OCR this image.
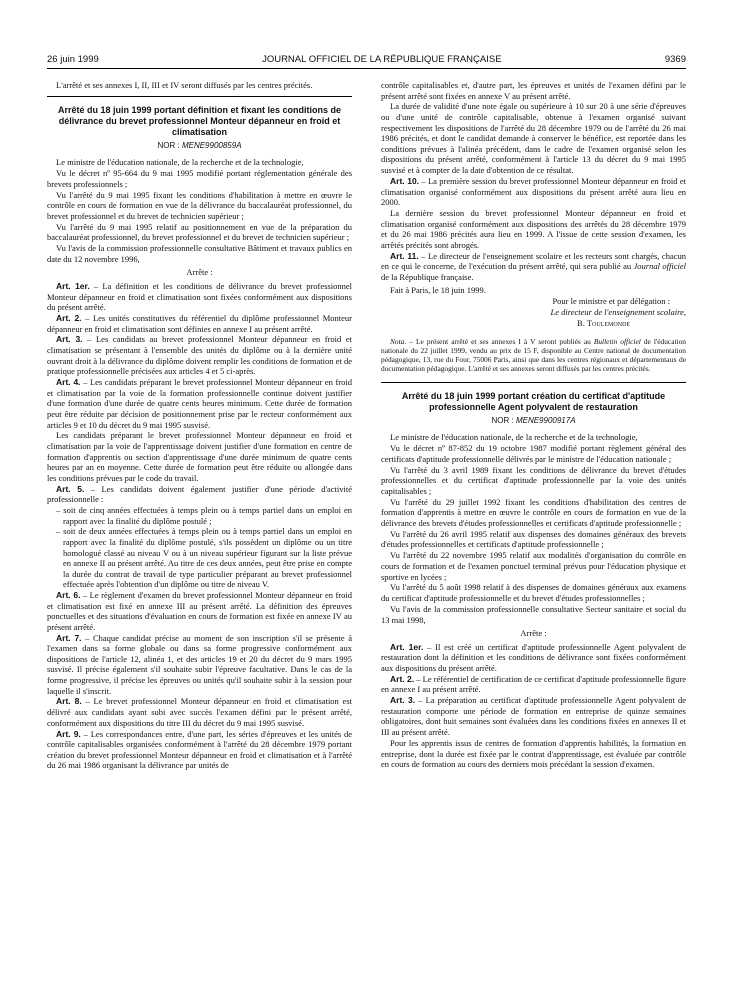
26 juin 1999	JOURNAL OFFICIEL DE LA RÉPUBLIQUE FRANÇAISE	9369

L'arrêté et ses annexes I, II, III et IV seront diffusés par les centres précités.

Arrêté du 18 juin 1999 portant définition et fixant les conditions de délivrance du brevet professionnel Monteur dépanneur en froid et climatisation
NOR : MENE9900859A

Le ministre de l'éducation nationale, de la recherche et de la technologie,

Vu le décret nº 95-664 du 9 mai 1995 modifié portant réglementation générale des brevets professionnels ;

Vu l'arrêté du 9 mai 1995 fixant les conditions d'habilitation à mettre en œuvre le contrôle en cours de formation en vue de la délivrance du baccalauréat professionnel, du brevet professionnel et du brevet de technicien supérieur ;

Vu l'arrêté du 9 mai 1995 relatif au positionnement en vue de la préparation du baccalauréat professionnel, du brevet professionnel et du brevet de technicien supérieur ;

Vu l'avis de la commission professionnelle consultative Bâtiment et travaux publics en date du 12 novembre 1996,

Arrête :

Art. 1er. – La définition et les conditions de délivrance du brevet professionnel Monteur dépanneur en froid et climatisation sont fixées conformément aux dispositions du présent arrêté.

Art. 2. – Les unités constitutives du référentiel du diplôme professionnel Monteur dépanneur en froid et climatisation sont définies en annexe I au présent arrêté.

Art. 3. – Les candidats au brevet professionnel Monteur dépanneur en froid et climatisation se présentant à l'ensemble des unités du diplôme ou à la dernière unité ouvrant droit à la délivrance du diplôme doivent remplir les conditions de formation et de pratique professionnelle précisées aux articles 4 et 5 ci-après.

Art. 4. – Les candidats préparant le brevet professionnel Monteur dépanneur en froid et climatisation par la voie de la formation professionnelle continue doivent justifier d'une formation d'une durée de quatre cents heures minimum. Cette durée de formation peut être réduite par décision de positionnement prise par le recteur conformément aux articles 9 et 10 du décret du 9 mai 1995 susvisé.

Les candidats préparant le brevet professionnel Monteur dépanneur en froid et climatisation par la voie de l'apprentissage doivent justifier d'une formation en centre de formation d'apprentis ou section d'apprentissage d'une durée minimum de quatre cents heures par an en moyenne. Cette durée de formation peut être réduite ou allongée dans les conditions prévues par le code du travail.

Art. 5. – Les candidats doivent également justifier d'une période d'activité professionnelle :

– soit de cinq années effectuées à temps plein ou à temps partiel dans un emploi en rapport avec la finalité du diplôme postulé ;
– soit de deux années effectuées à temps plein ou à temps partiel dans un emploi en rapport avec la finalité du diplôme postulé, s'ils possèdent un diplôme ou un titre homologué classé au niveau V ou à un niveau supérieur figurant sur la liste prévue en annexe II au présent arrêté. Au titre de ces deux années, peut être prise en compte la durée du contrat de travail de type particulier préparant au brevet professionnel effectuée après l'obtention d'un diplôme ou titre de niveau V.

Art. 6. – Le règlement d'examen du brevet professionnel Monteur dépanneur en froid et climatisation est fixé en annexe III au présent arrêté. La définition des épreuves ponctuelles et des situations d'évaluation en cours de formation est fixée en annexe IV au présent arrêté.

Art. 7. – Chaque candidat précise au moment de son inscription s'il se présente à l'examen dans sa forme globale ou dans sa forme progressive conformément aux dispositions de l'article 12, alinéa 1, et des articles 19 et 20 du décret du 9 mars 1995 susvisé. Il précise également s'il souhaite subir l'épreuve facultative. Dans le cas de la forme progressive, il précise les épreuves ou unités qu'il souhaite subir à la session pour laquelle il s'inscrit.

Art. 8. – Le brevet professionnel Monteur dépanneur en froid et climatisation est délivré aux candidats ayant subi avec succès l'examen défini par le présent arrêté, conformément aux dispositions du titre III du décret du 9 mai 1995 susvisé.

Art. 9. – Les correspondances entre, d'une part, les séries d'épreuves et les unités de contrôle capitalisables organisées conformément à l'arrêté du 28 décembre 1979 portant création du brevet professionnel Monteur dépanneur en froid et climatisation et à l'arrêté du 26 mai 1986 organisant la délivrance par unités de

contrôle capitalisables et, d'autre part, les épreuves et unités de l'examen défini par le présent arrêté sont fixées en annexe V au présent arrêté.

La durée de validité d'une note égale ou supérieure à 10 sur 20 à une série d'épreuves ou d'une unité de contrôle capitalisable, obtenue à l'examen organisé suivant respectivement les dispositions de l'arrêté du 28 décembre 1979 ou de l'arrêté du 26 mai 1986 précités, et dont le candidat demande à conserver le bénéfice, est reportée dans les conditions prévues à l'alinéa précédent, dans le cadre de l'examen organisé selon les dispositions du présent arrêté, conformément à l'article 13 du décret du 9 mai 1995 susvisé et à compter de la date d'obtention de ce résultat.

Art. 10. – La première session du brevet professionnel Monteur dépanneur en froid et climatisation organisé conformément aux dispositions du présent arrêté aura lieu en 2000.

La dernière session du brevet professionnel Monteur dépanneur en froid et climatisation organisé conformément aux dispositions des arrêtés du 28 décembre 1979 et du 26 mai 1986 précités aura lieu en 1999. A l'issue de cette session d'examen, les arrêtés précités sont abrogés.

Art. 11. – Le directeur de l'enseignement scolaire et les recteurs sont chargés, chacun en ce qui le concerne, de l'exécution du présent arrêté, qui sera publié au Journal officiel de la République française.

Fait à Paris, le 18 juin 1999.

Pour le ministre et par délégation :

Le directeur de l'enseignement scolaire,

B. Toulemonde

Nota. – Le présent arrêté et ses annexes I à V seront publiés au Bulletin officiel de l'éducation nationale du 22 juillet 1999, vendu au prix de 15 F, disponible au Centre national de documentation pédagogique, 13, rue du Four, 75006 Paris, ainsi que dans les centres régionaux et départementaux de documentation pédagogique. L'arrêté et ses annexes seront diffusés par les centres précités.

Arrêté du 18 juin 1999 portant création du certificat d'aptitude professionnelle Agent polyvalent de restauration
NOR : MENE9900917A

Le ministre de l'éducation nationale, de la recherche et de la technologie,

Vu le décret nº 87-852 du 19 octobre 1987 modifié portant règlement général des certificats d'aptitude professionnelle délivrés par le ministre de l'éducation nationale ;

Vu l'arrêté du 3 avril 1989 fixant les conditions de délivrance du brevet d'études professionnelles et du certificat d'aptitude professionnelle par la voie des unités capitalisables ;

Vu l'arrêté du 29 juillet 1992 fixant les conditions d'habilitation des centres de formation d'apprentis à mettre en œuvre le contrôle en cours de formation en vue de la délivrance des brevets d'études professionnelles et certificats d'aptitude professionnelle ;

Vu l'arrêté du 26 avril 1995 relatif aux dispenses des domaines généraux des brevets d'études professionnelles et certificats d'aptitude professionnelle ;

Vu l'arrêté du 22 novembre 1995 relatif aux modalités d'organisation du contrôle en cours de formation et de l'examen ponctuel terminal prévus pour l'éducation physique et sportive en lycées ;

Vu l'arrêté du 5 août 1998 relatif à des dispenses de domaines généraux aux examens du certificat d'aptitude professionnelle et du brevet d'études professionnelles ;

Vu l'avis de la commission professionnelle consultative Secteur sanitaire et social du 13 mai 1998,

Arrête :

Art. 1er. – Il est créé un certificat d'aptitude professionnelle Agent polyvalent de restauration dont la définition et les conditions de délivrance sont fixées conformément aux dispositions du présent arrêté.

Art. 2. – Le référentiel de certification de ce certificat d'aptitude professionnelle figure en annexe I au présent arrêté.

Art. 3. – La préparation au certificat d'aptitude professionnelle Agent polyvalent de restauration comporte une période de formation en entreprise de quinze semaines obligatoires, dont huit semaines sont évaluées dans les conditions fixées en annexes II et III au présent arrêté.

Pour les apprentis issus de centres de formation d'apprentis habilités, la formation en entreprise, dont la durée est fixée par le contrat d'apprentissage, est évaluée par contrôle en cours de formation au cours des derniers mois précédant la session d'examen.
